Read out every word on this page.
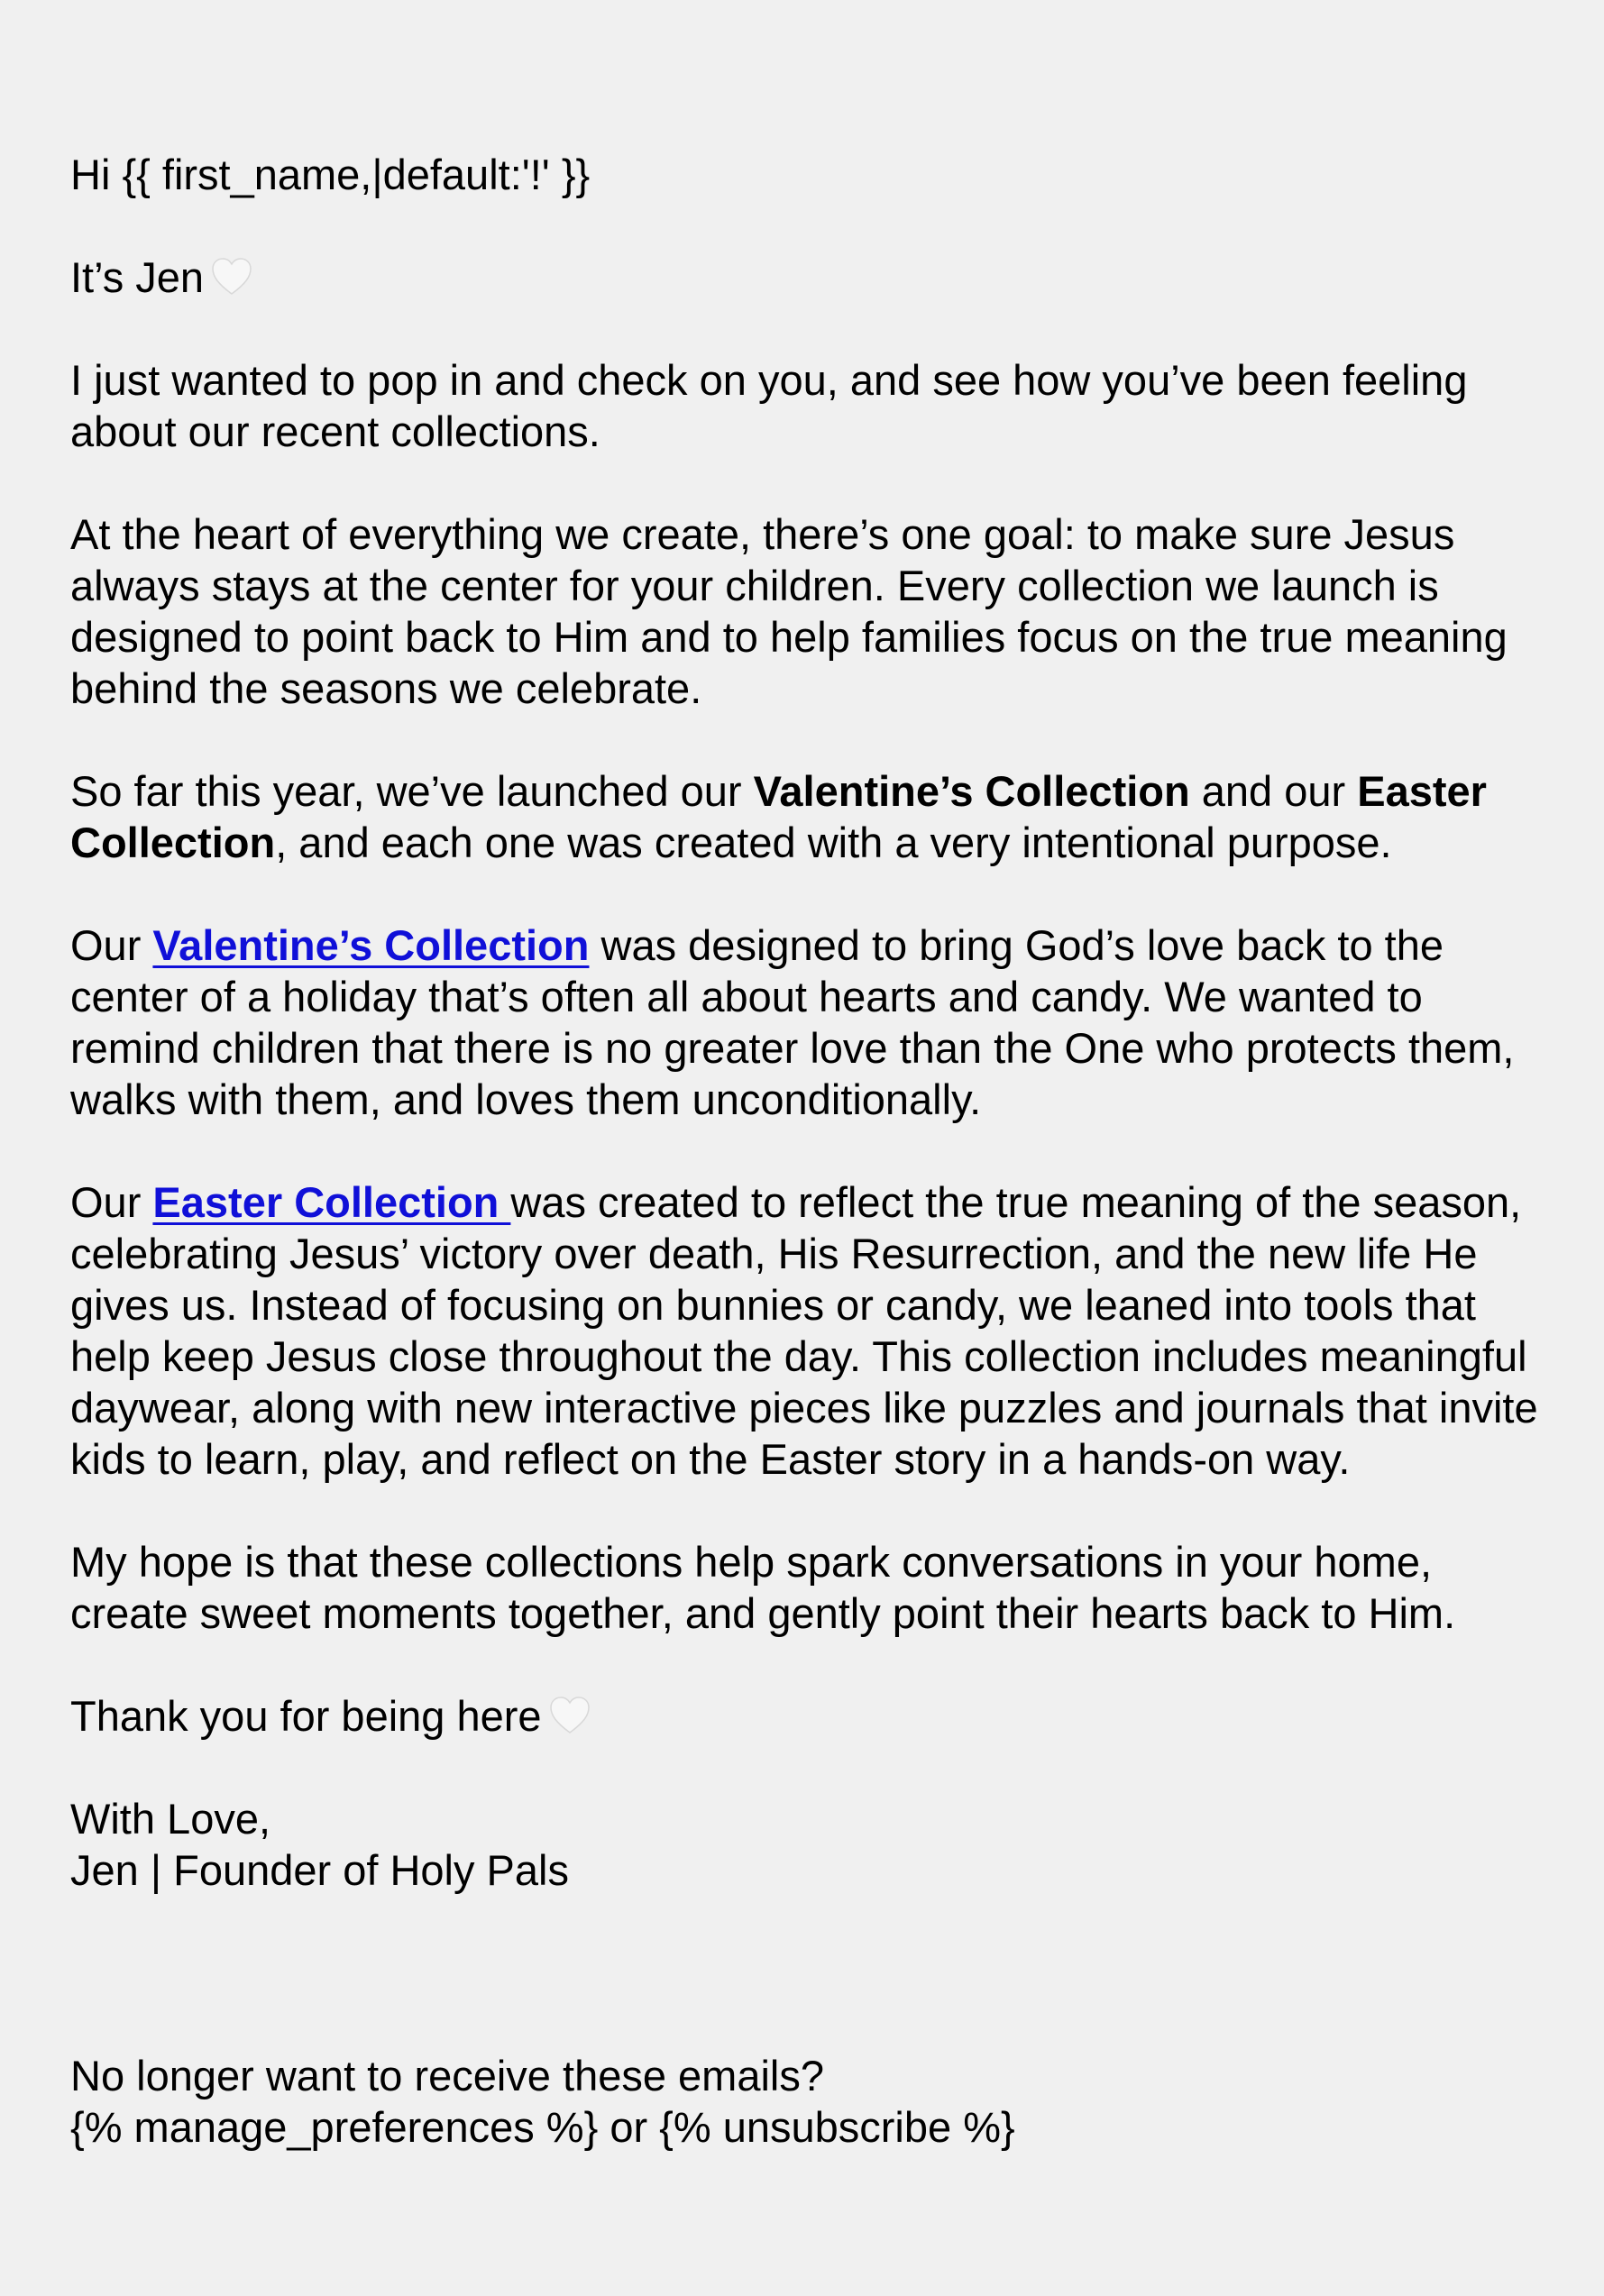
Hi {{ first_name,|default:'!' }}

It’s Jen

I just wanted to pop in and check on you, and see how you’ve been feeling about our recent collections.

At the heart of everything we create, there’s one goal: to make sure Jesus always stays at the center for your children. Every collection we launch is designed to point back to Him and to help families focus on the true meaning behind the seasons we celebrate.

So far this year, we’ve launched our Valentine’s Collection and our Easter Collection, and each one was created with a very intentional purpose.

Our Valentine’s Collection was designed to bring God’s love back to the center of a holiday that’s often all about hearts and candy. We wanted to remind children that there is no greater love than the One who protects them, walks with them, and loves them unconditionally.

Our Easter Collection was created to reflect the true meaning of the season, celebrating Jesus’ victory over death, His Resurrection, and the new life He gives us. Instead of focusing on bunnies or candy, we leaned into tools that help keep Jesus close throughout the day. This collection includes meaningful daywear, along with new interactive pieces like puzzles and journals that invite kids to learn, play, and reflect on the Easter story in a hands-on way.

My hope is that these collections help spark conversations in your home, create sweet moments together, and gently point their hearts back to Him.

Thank you for being here

With Love,

Jen | Founder of Holy Pals

No longer want to receive these emails?

{% manage_preferences %} or {% unsubscribe %}
